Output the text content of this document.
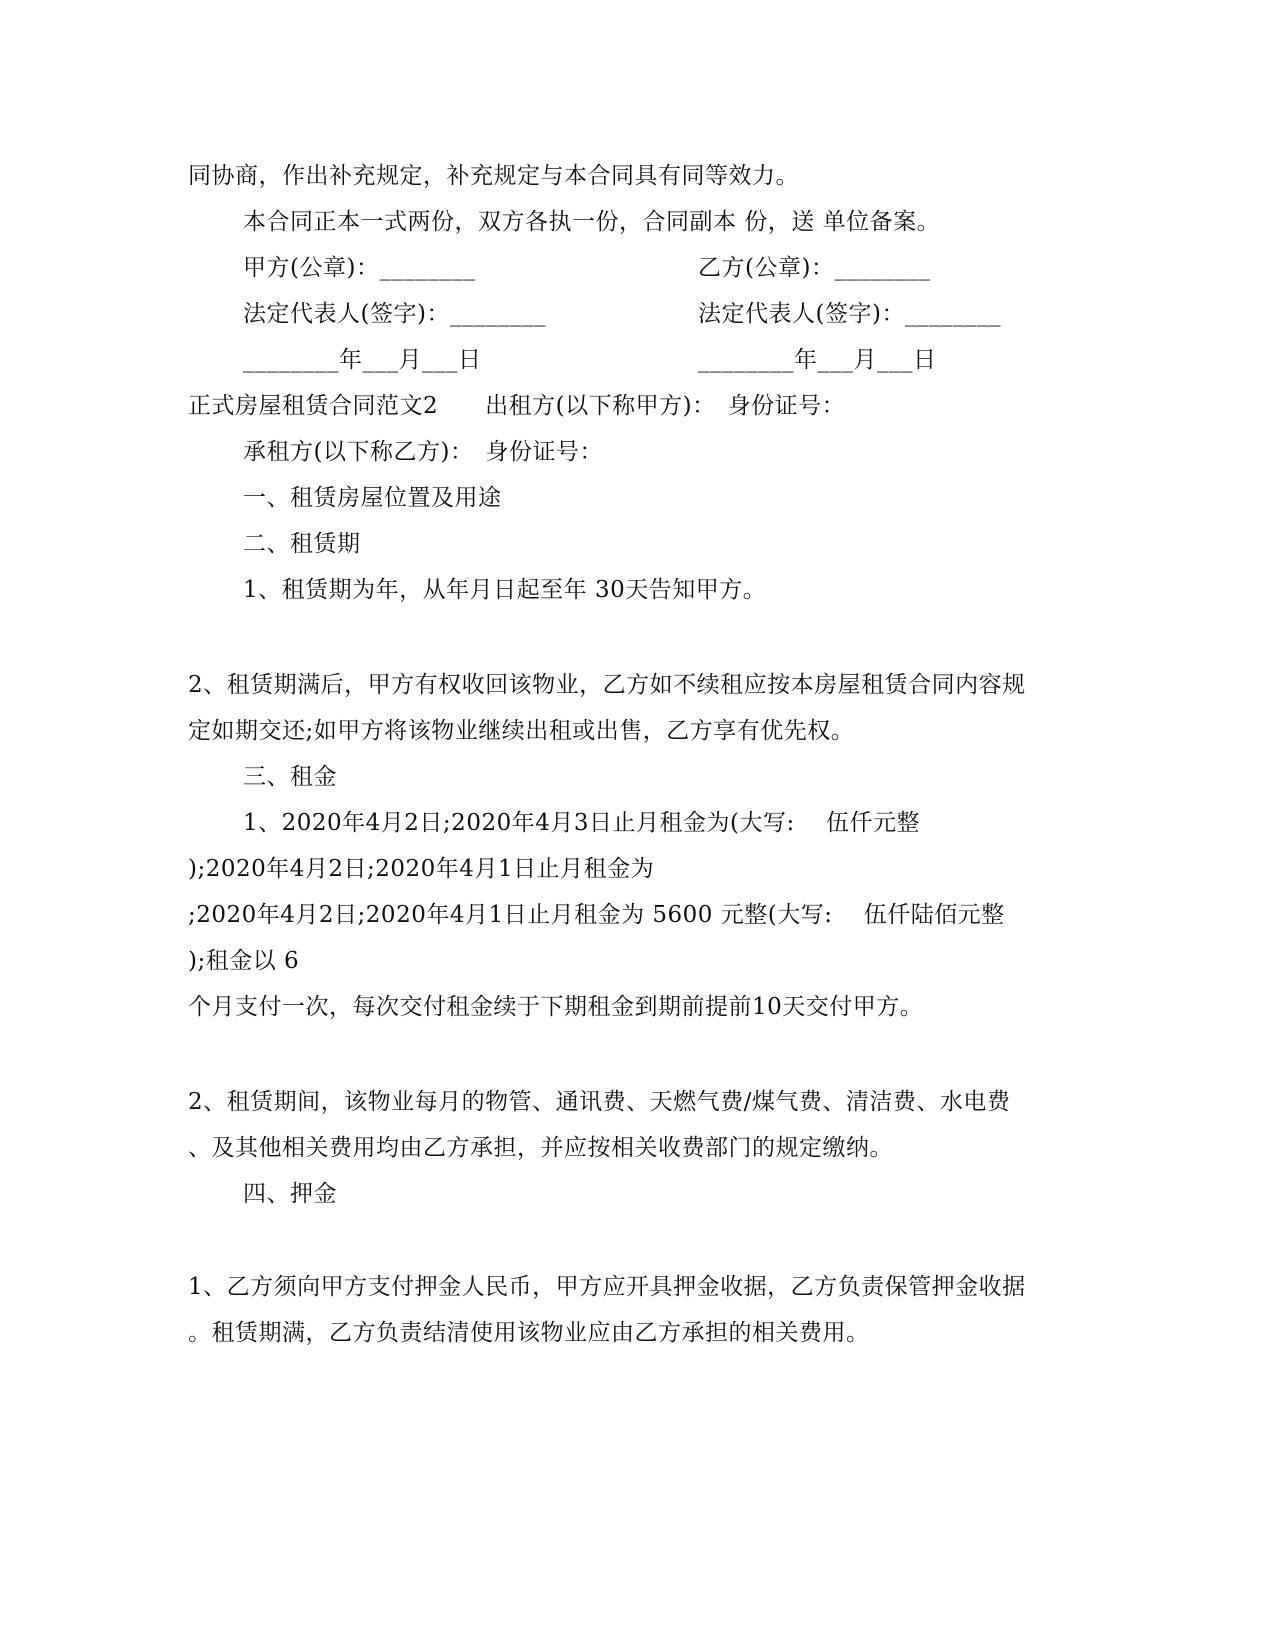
同协商，作出补充规定，补充规定与本合同具有同等效力。
本合同正本一式两份，双方各执一份，合同副本 份，送 单位备案。
甲方(公章)：________	乙方(公章)：________
法定代表人(签字)：________	法定代表人(签字)：________
________年___月___日	________年___月___日
正式房屋租赁合同范文2　　出租方(以下称甲方)：　身份证号：
承租方(以下称乙方)：　身份证号：
一、租赁房屋位置及用途
二、租赁期
1、租赁期为年，从年月日起至年 30天告知甲方。
2、租赁期满后，甲方有权收回该物业，乙方如不续租应按本房屋租赁合同内容规
定如期交还;如甲方将该物业继续出租或出售，乙方享有优先权。
三、租金
1、2020年4月2日;2020年4月3日止月租金为(大写:　 伍仟元整
);2020年4月2日;2020年4月1日止月租金为
;2020年4月2日;2020年4月1日止月租金为 5600 元整(大写:　 伍仟陆佰元整
);租金以 6
个月支付一次，每次交付租金续于下期租金到期前提前10天交付甲方。
2、租赁期间，该物业每月的物管、通讯费、天燃气费/煤气费、清洁费、水电费
、及其他相关费用均由乙方承担，并应按相关收费部门的规定缴纳。
四、押金
1、乙方须向甲方支付押金人民币，甲方应开具押金收据，乙方负责保管押金收据
。租赁期满，乙方负责结清使用该物业应由乙方承担的相关费用。
